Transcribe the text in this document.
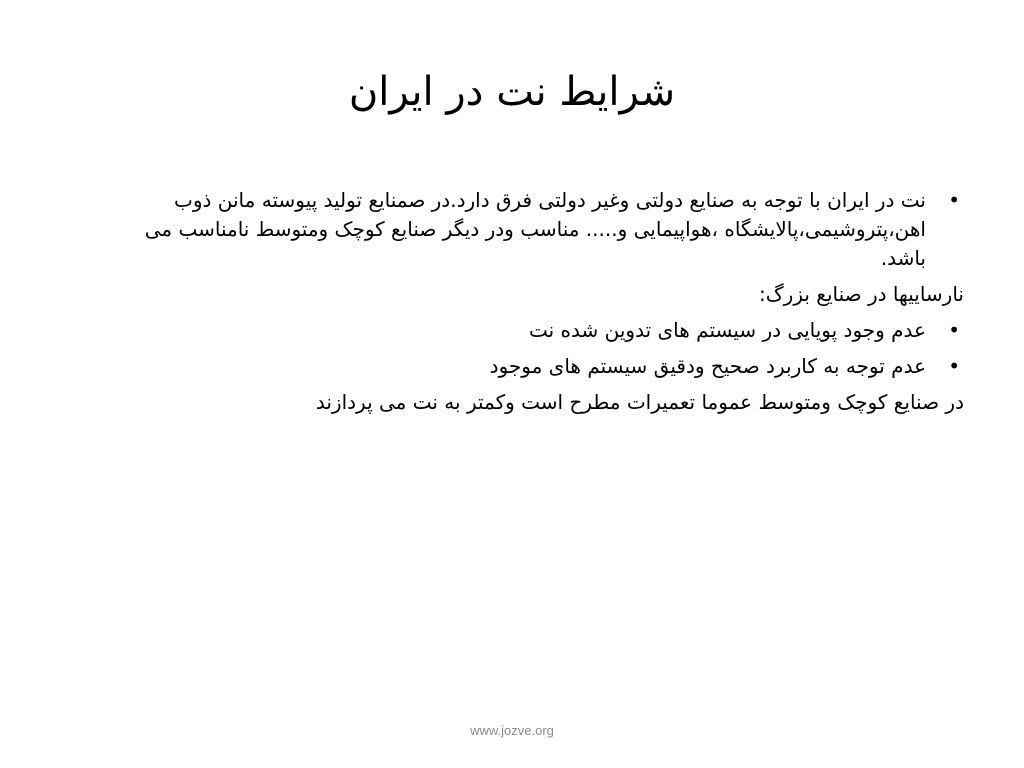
شرایط نت در ایران
•
نت در ایران با توجه به صنایع دولتی وغیر دولتی فرق دارد.در صمنایع تولید پیوسته مانن ذوب اهن،پتروشیمی،پالایشگاه ،هواپیمایی و..... مناسب ودر دیگر صنایع کوچک ومتوسط نامناسب می باشد.
نارساییها در صنایع بزرگ:
•
عدم وجود پویایی در سیستم های تدوین شده نت
•
عدم توجه به کاربرد صحیح ودقیق سیستم های موجود
در صنایع کوچک ومتوسط عموما تعمیرات مطرح است وکمتر به نت می پردازند
www.jozve.org
